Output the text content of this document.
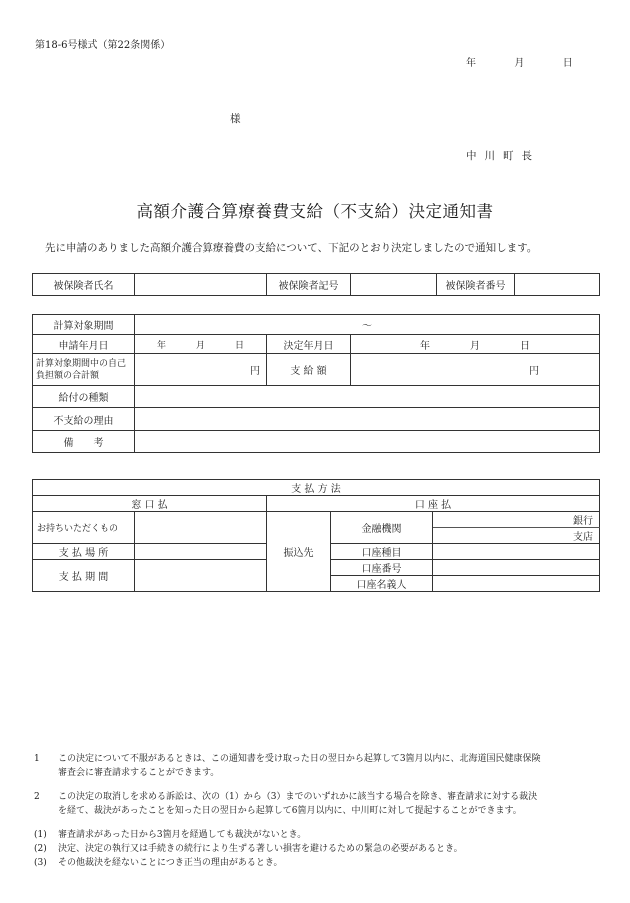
第18-6号様式（第22条関係）
年	月	日
様
中川町長
高額介護合算療養費支給（不支給）決定通知書
先に申請のありました高額介護合算療養費の支給について、下記のとおり決定しましたので通知します。
被保険者氏名		被保険者記号		被保険者番号	
計算対象期間	～		
申請年月日	年 月 日	決定年月日	年 月 日
計算対象期間中の自己負担額の合計額	円	支 給 額	円
給付の種類			
不支給の理由			
備　　考			
支 払 方 法				
窓 口 払		口 座 払		
お持ちいただくもの		振込先	金融機関	銀行
				支店
支 払 場 所			口座種目	
支 払 期 間			口座番号	
			口座名義人	
1 この決定について不服があるときは、この通知書を受け取った日の翌日から起算して3箇月以内に、北海道国民健康保険
審査会に審査請求することができます。
2 この決定の取消しを求める訴訟は、次の（1）から（3）までのいずれかに該当する場合を除き、審査請求に対する裁決
を経て、裁決があったことを知った日の翌日から起算して6箇月以内に、中川町に対して提起することができます。
(1) 審査請求があった日から3箇月を経過しても裁決がないとき。
(2) 決定、決定の執行又は手続きの続行により生ずる著しい損害を避けるための緊急の必要があるとき。
(3) その他裁決を経ないことにつき正当の理由があるとき。
